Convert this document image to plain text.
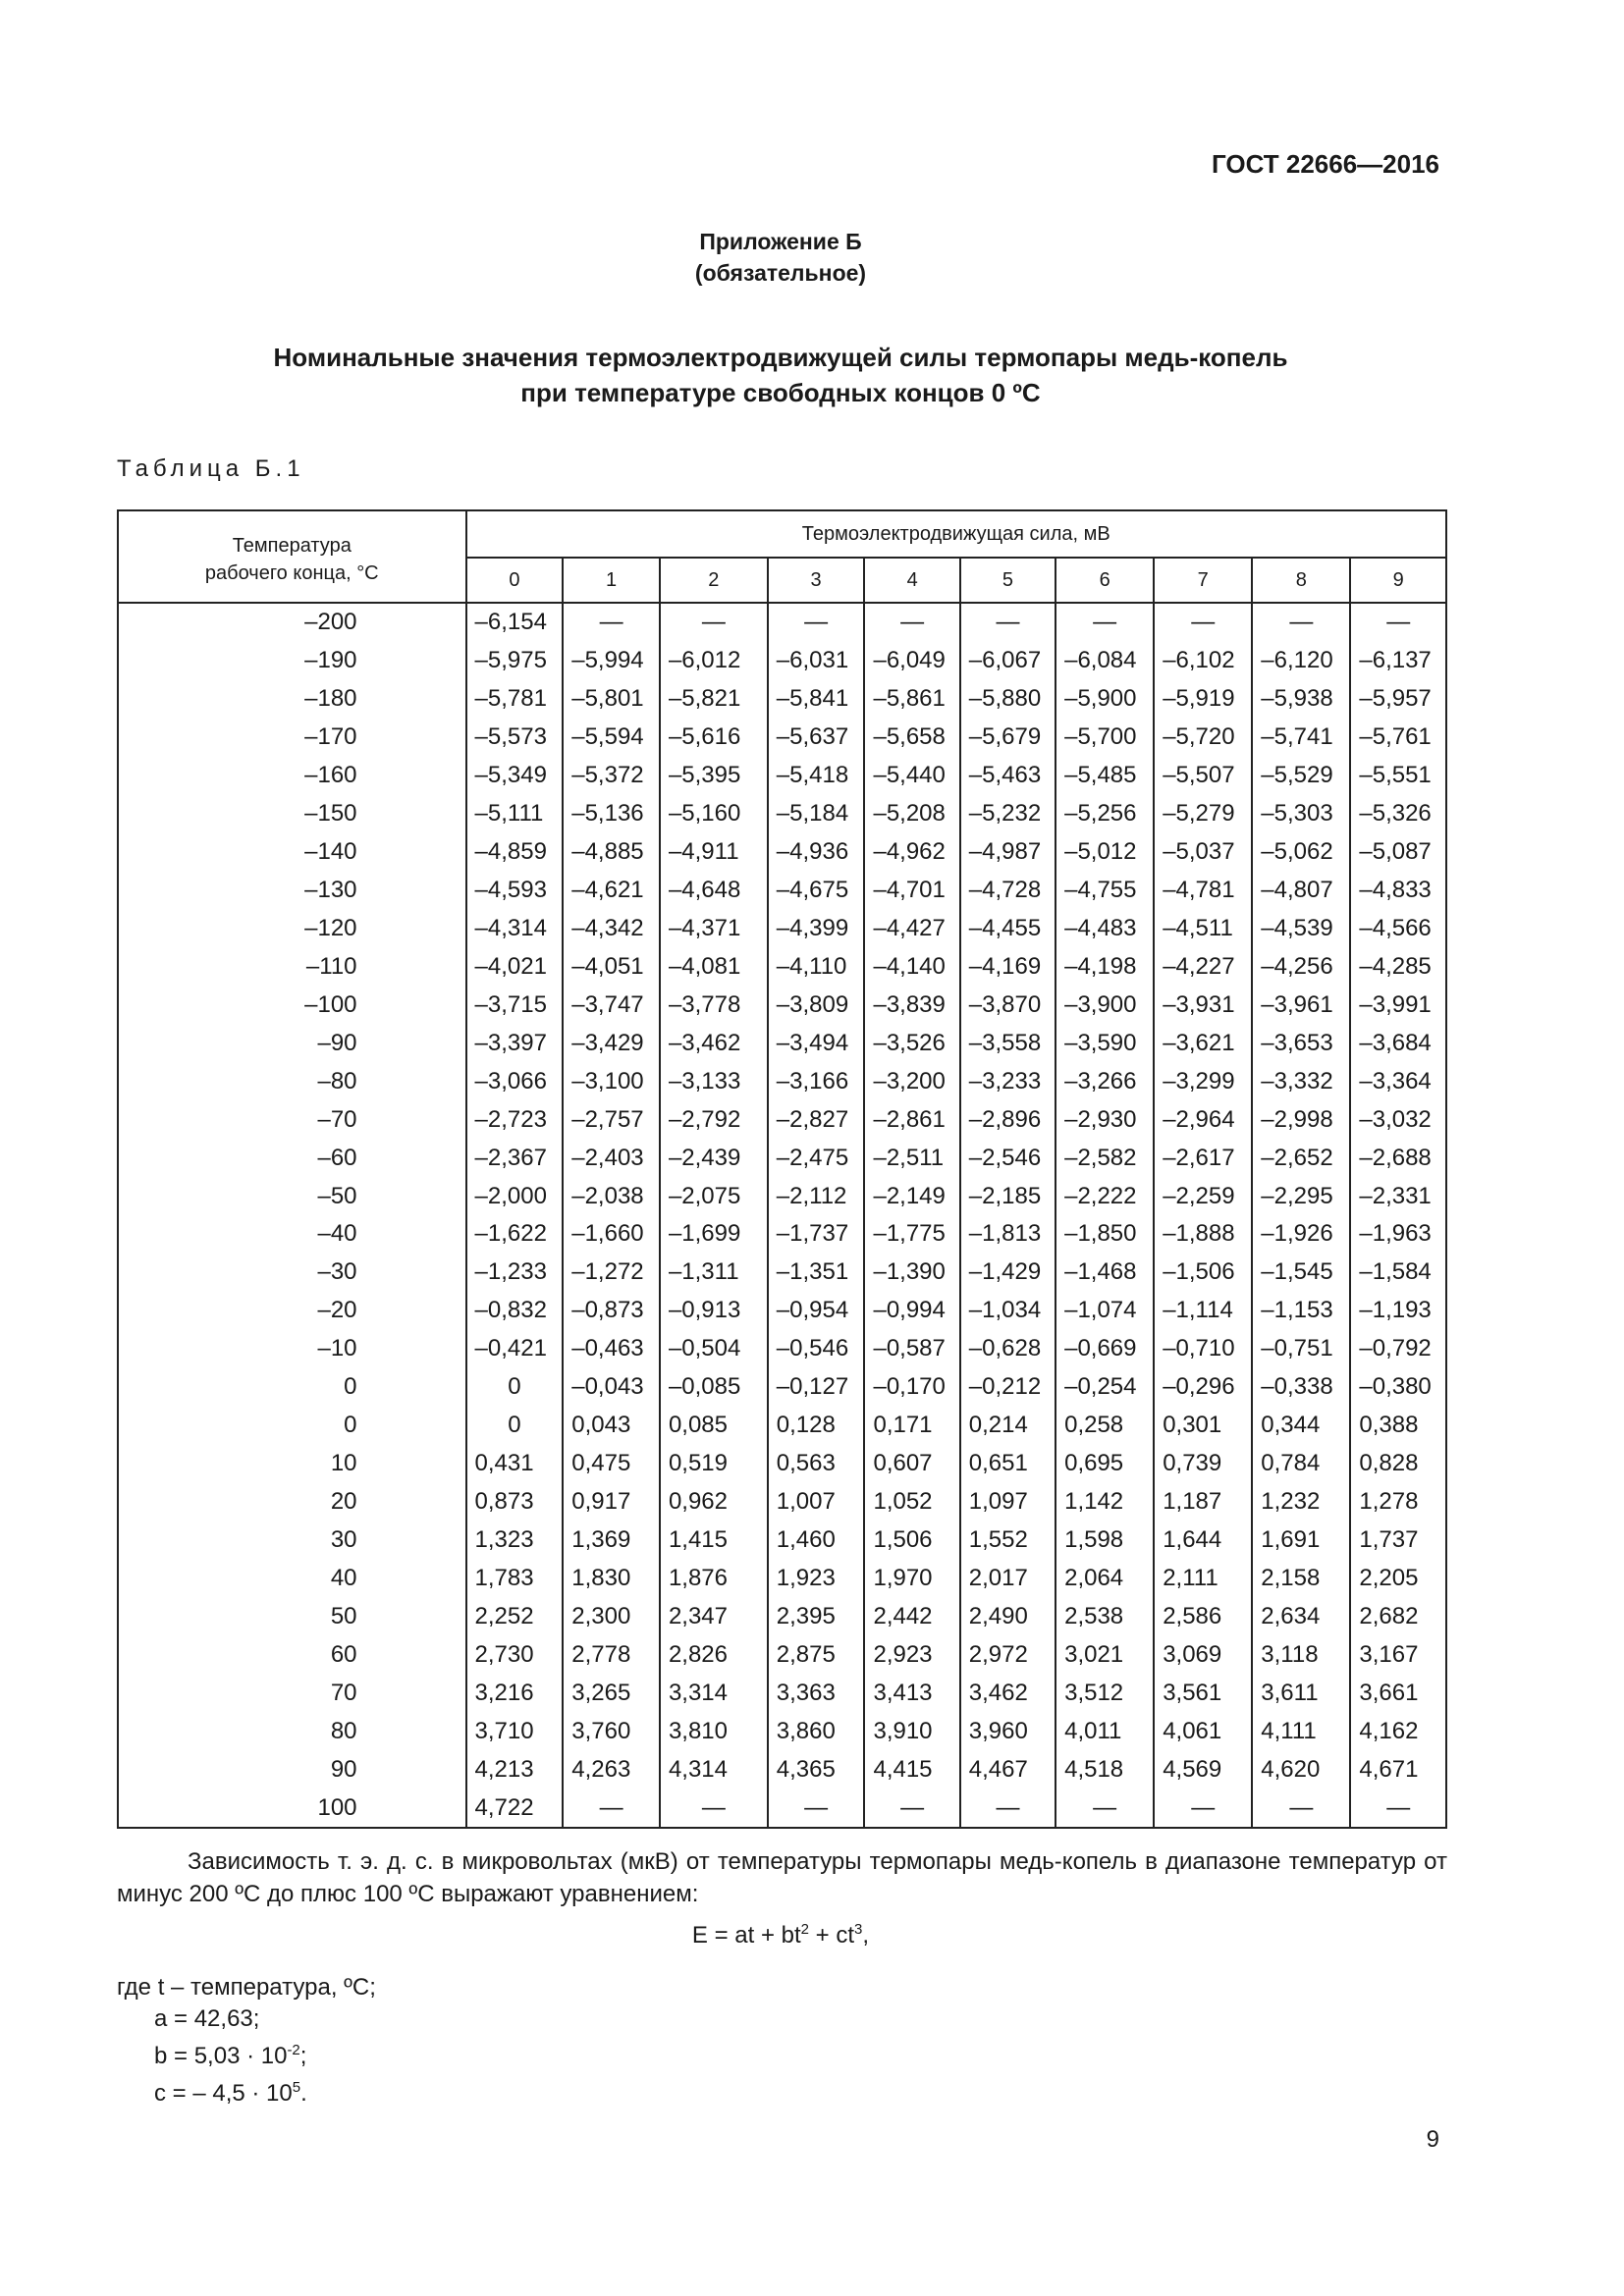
ГОСТ 22666—2016
Приложение Б
(обязательное)
Номинальные значения термоэлектродвижущей силы термопары медь-копель
при температуре свободных концов 0 ºС
Таблица Б.1
Температура
рабочего конца, °С	Термоэлектродвижущая сила, мВ									
	0	1	2	3	4	5	6	7	8	9
–200	–6,154	—	—	—	—	—	—	—	—	—
–190	–5,975	–5,994	–6,012	–6,031	–6,049	–6,067	–6,084	–6,102	–6,120	–6,137
–180	–5,781	–5,801	–5,821	–5,841	–5,861	–5,880	–5,900	–5,919	–5,938	–5,957
–170	–5,573	–5,594	–5,616	–5,637	–5,658	–5,679	–5,700	–5,720	–5,741	–5,761
–160	–5,349	–5,372	–5,395	–5,418	–5,440	–5,463	–5,485	–5,507	–5,529	–5,551
–150	–5,111	–5,136	–5,160	–5,184	–5,208	–5,232	–5,256	–5,279	–5,303	–5,326
–140	–4,859	–4,885	–4,911	–4,936	–4,962	–4,987	–5,012	–5,037	–5,062	–5,087
–130	–4,593	–4,621	–4,648	–4,675	–4,701	–4,728	–4,755	–4,781	–4,807	–4,833
–120	–4,314	–4,342	–4,371	–4,399	–4,427	–4,455	–4,483	–4,511	–4,539	–4,566
–110	–4,021	–4,051	–4,081	–4,110	–4,140	–4,169	–4,198	–4,227	–4,256	–4,285
–100	–3,715	–3,747	–3,778	–3,809	–3,839	–3,870	–3,900	–3,931	–3,961	–3,991
–90	–3,397	–3,429	–3,462	–3,494	–3,526	–3,558	–3,590	–3,621	–3,653	–3,684
–80	–3,066	–3,100	–3,133	–3,166	–3,200	–3,233	–3,266	–3,299	–3,332	–3,364
–70	–2,723	–2,757	–2,792	–2,827	–2,861	–2,896	–2,930	–2,964	–2,998	–3,032
–60	–2,367	–2,403	–2,439	–2,475	–2,511	–2,546	–2,582	–2,617	–2,652	–2,688
–50	–2,000	–2,038	–2,075	–2,112	–2,149	–2,185	–2,222	–2,259	–2,295	–2,331
–40	–1,622	–1,660	–1,699	–1,737	–1,775	–1,813	–1,850	–1,888	–1,926	–1,963
–30	–1,233	–1,272	–1,311	–1,351	–1,390	–1,429	–1,468	–1,506	–1,545	–1,584
–20	–0,832	–0,873	–0,913	–0,954	–0,994	–1,034	–1,074	–1,114	–1,153	–1,193
–10	–0,421	–0,463	–0,504	–0,546	–0,587	–0,628	–0,669	–0,710	–0,751	–0,792
0	0	–0,043	–0,085	–0,127	–0,170	–0,212	–0,254	–0,296	–0,338	–0,380
0	0	0,043	0,085	0,128	0,171	0,214	0,258	0,301	0,344	0,388
10	0,431	0,475	0,519	0,563	0,607	0,651	0,695	0,739	0,784	0,828
20	0,873	0,917	0,962	1,007	1,052	1,097	1,142	1,187	1,232	1,278
30	1,323	1,369	1,415	1,460	1,506	1,552	1,598	1,644	1,691	1,737
40	1,783	1,830	1,876	1,923	1,970	2,017	2,064	2,111	2,158	2,205
50	2,252	2,300	2,347	2,395	2,442	2,490	2,538	2,586	2,634	2,682
60	2,730	2,778	2,826	2,875	2,923	2,972	3,021	3,069	3,118	3,167
70	3,216	3,265	3,314	3,363	3,413	3,462	3,512	3,561	3,611	3,661
80	3,710	3,760	3,810	3,860	3,910	3,960	4,011	4,061	4,111	4,162
90	4,213	4,263	4,314	4,365	4,415	4,467	4,518	4,569	4,620	4,671
100	4,722	—	—	—	—	—	—	—	—	—

Зависимость т. э. д. с. в микровольтах (мкВ) от температуры термопары медь-копель в диапазоне температур от минус 200 ºС до плюс 100 ºС выражают уравнением:

E = at + $bt^2 + ct^3$,
где t – температура, ºС;
a = 42,63;
$b = 5,03 \cdot 10^{-2}$;
c = – $4,5 \cdot 10^5$.
9
